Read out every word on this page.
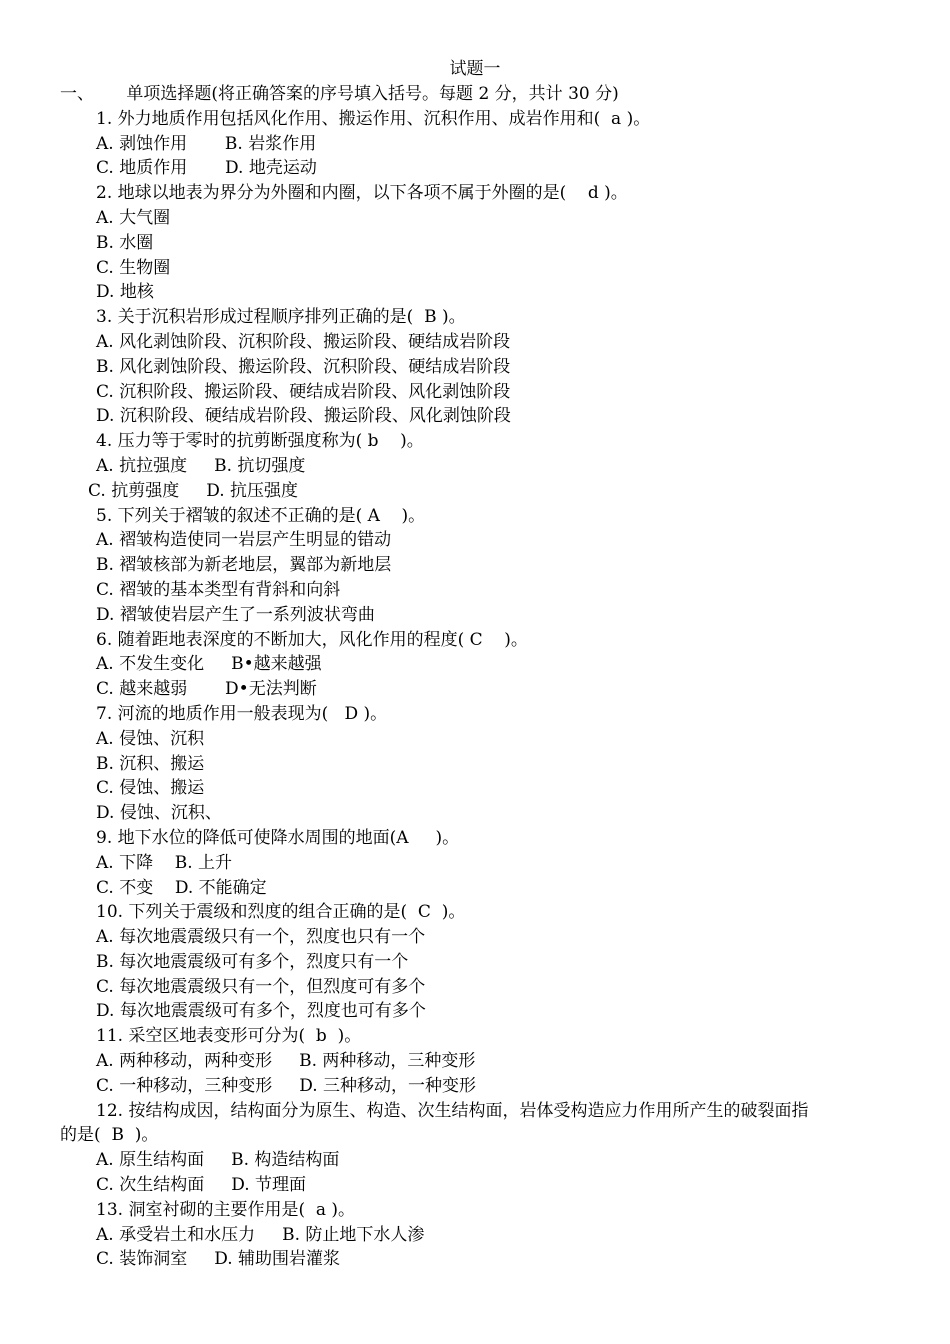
试题一
一、      单项选择题(将正确答案的序号填入括号。每题 2 分，共计 30 分)
1. 外力地质作用包括风化作用、搬运作用、沉积作用、成岩作用和(  a )。
A. 剥蚀作用       B. 岩浆作用
C. 地质作用       D. 地壳运动
2. 地球以地表为界分为外圈和内圈，以下各项不属于外圈的是(    d )。
A. 大气圈
B. 水圈
C. 生物圈
D. 地核
3. 关于沉积岩形成过程顺序排列正确的是(  B )。
A. 风化剥蚀阶段、沉积阶段、搬运阶段、硬结成岩阶段
B. 风化剥蚀阶段、搬运阶段、沉积阶段、硬结成岩阶段
C. 沉积阶段、搬运阶段、硬结成岩阶段、风化剥蚀阶段
D. 沉积阶段、硬结成岩阶段、搬运阶段、风化剥蚀阶段
4. 压力等于零时的抗剪断强度称为( b    )。
A. 抗拉强度     B. 抗切强度
C. 抗剪强度     D. 抗压强度
5. 下列关于褶皱的叙述不正确的是( A    )。
A. 褶皱构造使同一岩层产生明显的错动
B. 褶皱核部为新老地层，翼部为新地层
C. 褶皱的基本类型有背斜和向斜
D. 褶皱使岩层产生了一系列波状弯曲
6. 随着距地表深度的不断加大，风化作用的程度( C    )。
A. 不发生变化     B•越来越强
C. 越来越弱       D•无法判断
7. 河流的地质作用一般表现为(   D )。
A. 侵蚀、沉积
B. 沉积、搬运
C. 侵蚀、搬运
D. 侵蚀、沉积、
9. 地下水位的降低可使降水周围的地面(A     )。
A. 下降    B. 上升
C. 不变    D. 不能确定
10. 下列关于震级和烈度的组合正确的是(  C  )。
A. 每次地震震级只有一个，烈度也只有一个
B. 每次地震震级可有多个，烈度只有一个
C. 每次地震震级只有一个，但烈度可有多个
D. 每次地震震级可有多个，烈度也可有多个
11. 采空区地表变形可分为(  b  )。
A. 两种移动，两种变形     B. 两种移动，三种变形
C. 一种移动，三种变形     D. 三种移动，一种变形
12. 按结构成因，结构面分为原生、构造、次生结构面，岩体受构造应力作用所产生的破裂面指
的是(  B  )。
A. 原生结构面     B. 构造结构面
C. 次生结构面     D. 节理面
13. 洞室衬砌的主要作用是(  a )。
A. 承受岩土和水压力     B. 防止地下水人渗
C. 装饰洞室     D. 辅助围岩灌浆
